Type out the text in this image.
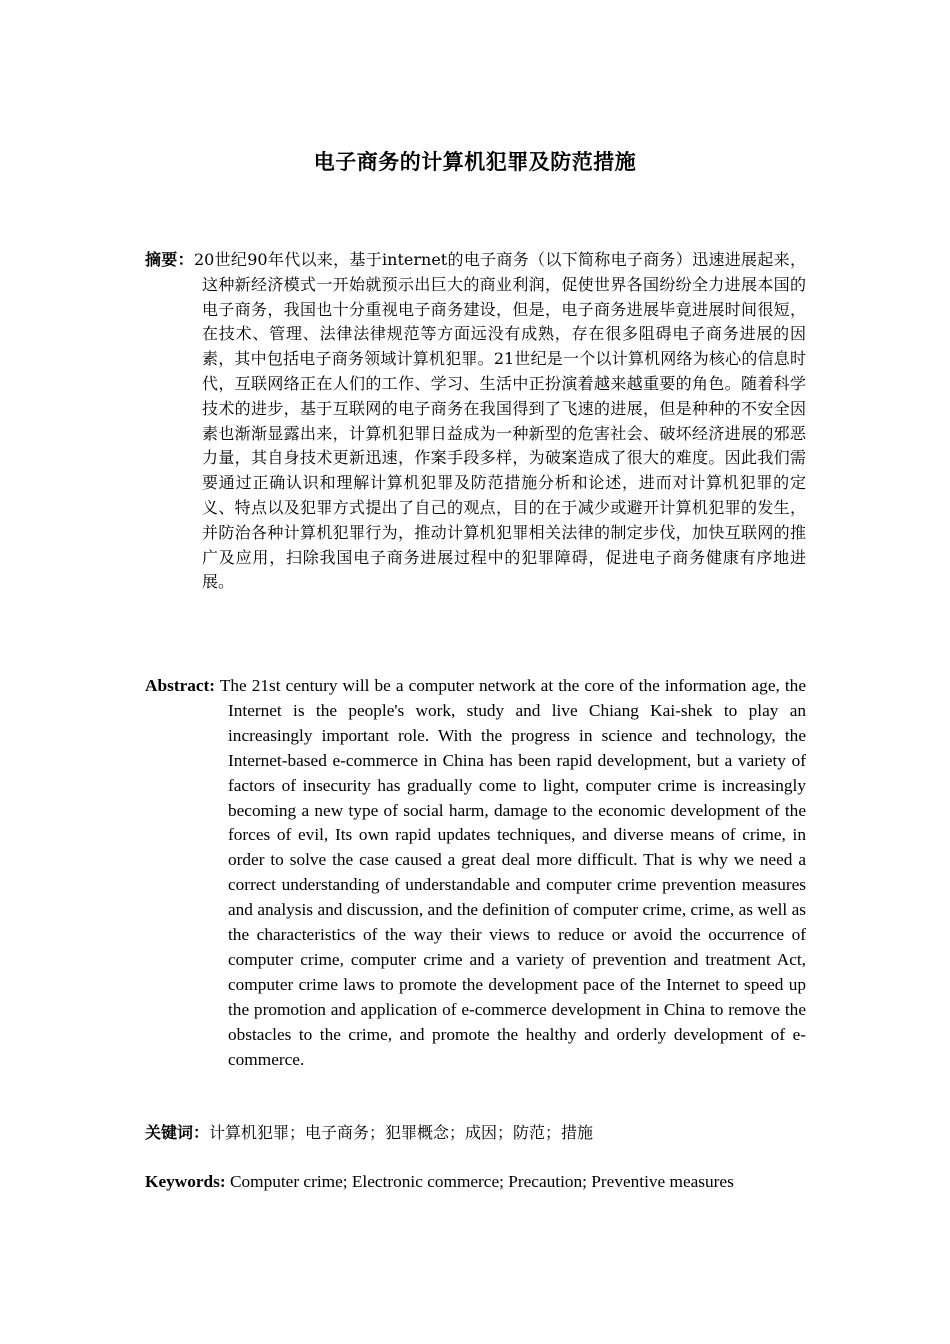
电子商务的计算机犯罪及防范措施
摘要：20世纪90年代以来，基于internet的电子商务（以下简称电子商务）迅速进展起来，这种新经济模式一开始就预示出巨大的商业利润，促使世界各国纷纷全力进展本国的电子商务，我国也十分重视电子商务建设，但是，电子商务进展毕竟进展时间很短，在技术、管理、法律法律规范等方面远没有成熟，存在很多阻碍电子商务进展的因素，其中包括电子商务领域计算机犯罪。21世纪是一个以计算机网络为核心的信息时代，互联网络正在人们的工作、学习、生活中正扮演着越来越重要的角色。随着科学技术的进步，基于互联网的电子商务在我国得到了飞速的进展，但是种种的不安全因素也渐渐显露出来，计算机犯罪日益成为一种新型的危害社会、破坏经济进展的邪恶力量，其自身技术更新迅速，作案手段多样，为破案造成了很大的难度。因此我们需要通过正确认识和理解计算机犯罪及防范措施分析和论述，进而对计算机犯罪的定义、特点以及犯罪方式提出了自己的观点，目的在于减少或避开计算机犯罪的发生，并防治各种计算机犯罪行为，推动计算机犯罪相关法律的制定步伐，加快互联网的推广及应用，扫除我国电子商务进展过程中的犯罪障碍，促进电子商务健康有序地进展。
Abstract: The 21st century will be a computer network at the core of the information age, the Internet is the people's work, study and live Chiang Kai-shek to play an increasingly important role. With the progress in science and technology, the Internet-based e-commerce in China has been rapid development, but a variety of factors of insecurity has gradually come to light, computer crime is increasingly becoming a new type of social harm, damage to the economic development of the forces of evil, Its own rapid updates techniques, and diverse means of crime, in order to solve the case caused a great deal more difficult. That is why we need a correct understanding of understandable and computer crime prevention measures and analysis and discussion, and the definition of computer crime, crime, as well as the characteristics of the way their views to reduce or avoid the occurrence of computer crime, computer crime and a variety of prevention and treatment Act, computer crime laws to promote the development pace of the Internet to speed up the promotion and application of e-commerce development in China to remove the obstacles to the crime, and promote the healthy and orderly development of e-commerce.
关键词：计算机犯罪；电子商务；犯罪概念；成因；防范；措施
Keywords: Computer crime; Electronic commerce; Precaution; Preventive measures
